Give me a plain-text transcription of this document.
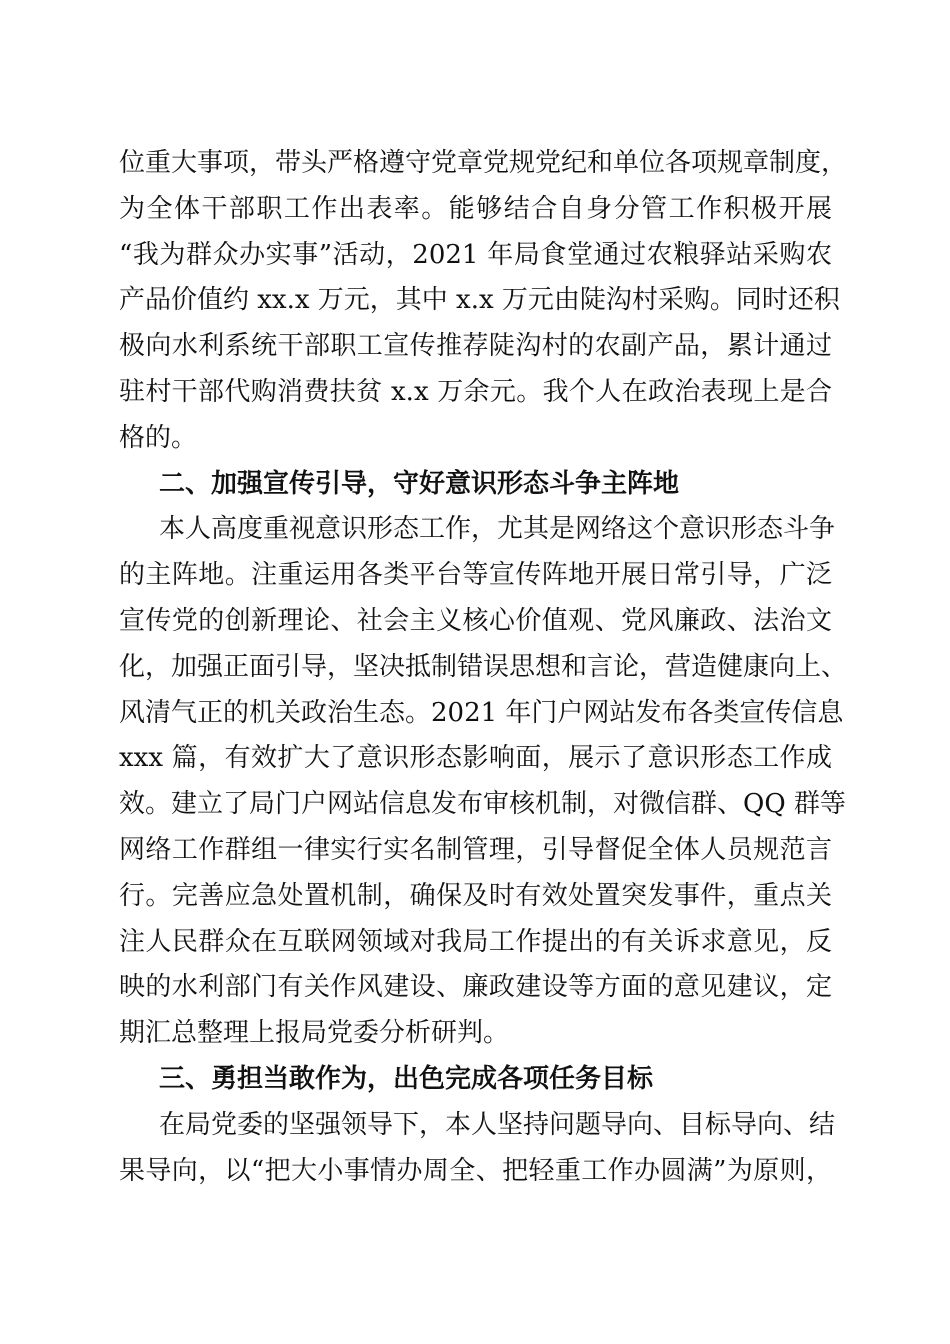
位重大事项，带头严格遵守党章党规党纪和单位各项规章制度，
为全体干部职工作出表率。能够结合自身分管工作积极开展
“我为群众办实事”活动，2021 年局食堂通过农粮驿站采购农
产品价值约 xx.x 万元，其中 x.x 万元由陡沟村采购。同时还积
极向水利系统干部职工宣传推荐陡沟村的农副产品，累计通过
驻村干部代购消费扶贫 x.x 万余元。我个人在政治表现上是合
格的。
二、加强宣传引导，守好意识形态斗争主阵地
本人高度重视意识形态工作，尤其是网络这个意识形态斗争
的主阵地。注重运用各类平台等宣传阵地开展日常引导，广泛
宣传党的创新理论、社会主义核心价值观、党风廉政、法治文
化，加强正面引导，坚决抵制错误思想和言论，营造健康向上、
风清气正的机关政治生态。2021 年门户网站发布各类宣传信息
xxx 篇，有效扩大了意识形态影响面，展示了意识形态工作成
效。建立了局门户网站信息发布审核机制，对微信群、QQ 群等
网络工作群组一律实行实名制管理，引导督促全体人员规范言
行。完善应急处置机制，确保及时有效处置突发事件，重点关
注人民群众在互联网领域对我局工作提出的有关诉求意见，反
映的水利部门有关作风建设、廉政建设等方面的意见建议，定
期汇总整理上报局党委分析研判。
三、勇担当敢作为，出色完成各项任务目标
在局党委的坚强领导下，本人坚持问题导向、目标导向、结
果导向，以“把大小事情办周全、把轻重工作办圆满”为原则，
